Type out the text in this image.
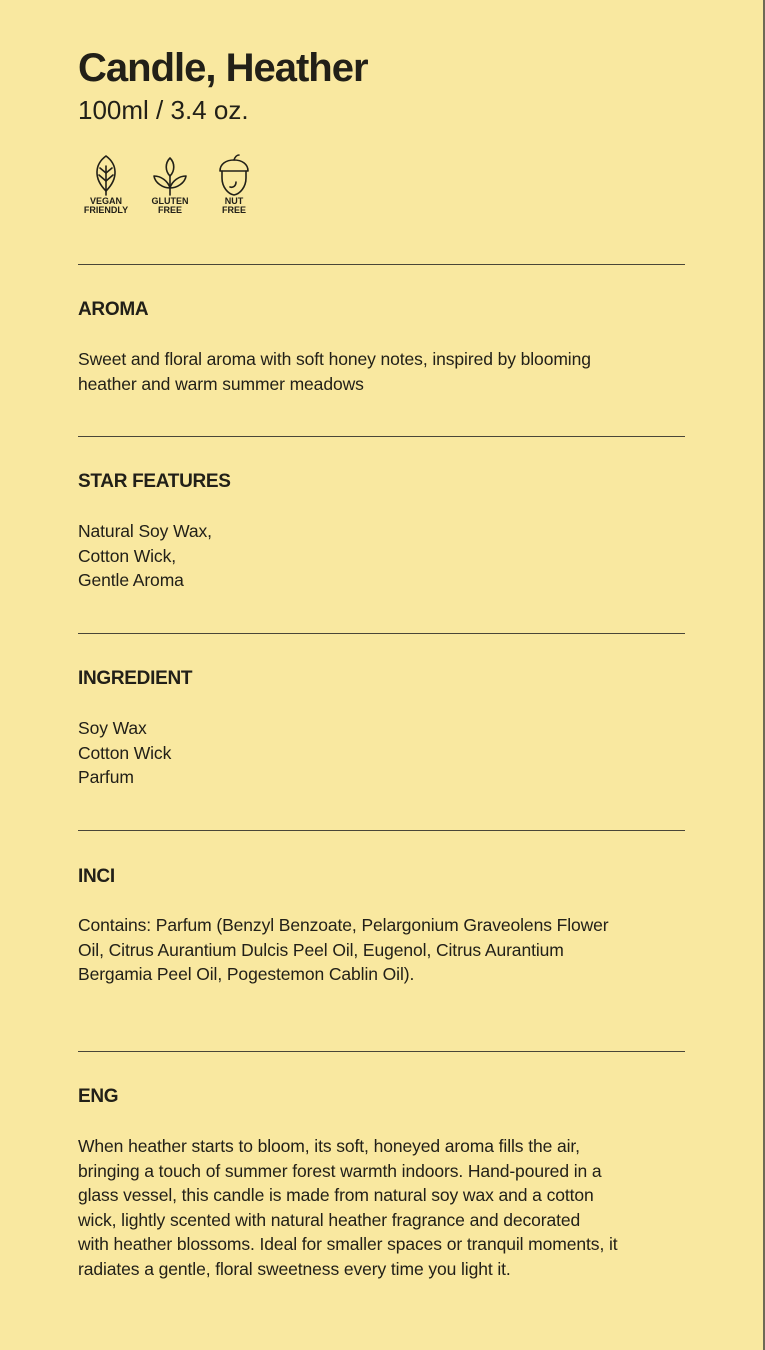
Candle, Heather
100ml / 3.4 oz.
VEGAN
FRIENDLY
GLUTEN
FREE
NUT
FREE
AROMA
Sweet and floral aroma with soft honey notes, inspired by blooming
heather and warm summer meadows
STAR FEATURES
Natural Soy Wax,
Cotton Wick,
Gentle Aroma
INGREDIENT
Soy Wax
Cotton Wick
Parfum
INCI
Contains: Parfum (Benzyl Benzoate, Pelargonium Graveolens Flower
Oil, Citrus Aurantium Dulcis Peel Oil, Eugenol, Citrus Aurantium
Bergamia Peel Oil, Pogestemon Cablin Oil).
ENG
When heather starts to bloom, its soft, honeyed aroma fills the air,
bringing a touch of summer forest warmth indoors. Hand-poured in a
glass vessel, this candle is made from natural soy wax and a cotton
wick, lightly scented with natural heather fragrance and decorated
with heather blossoms. Ideal for smaller spaces or tranquil moments, it
radiates a gentle, floral sweetness every time you light it.
